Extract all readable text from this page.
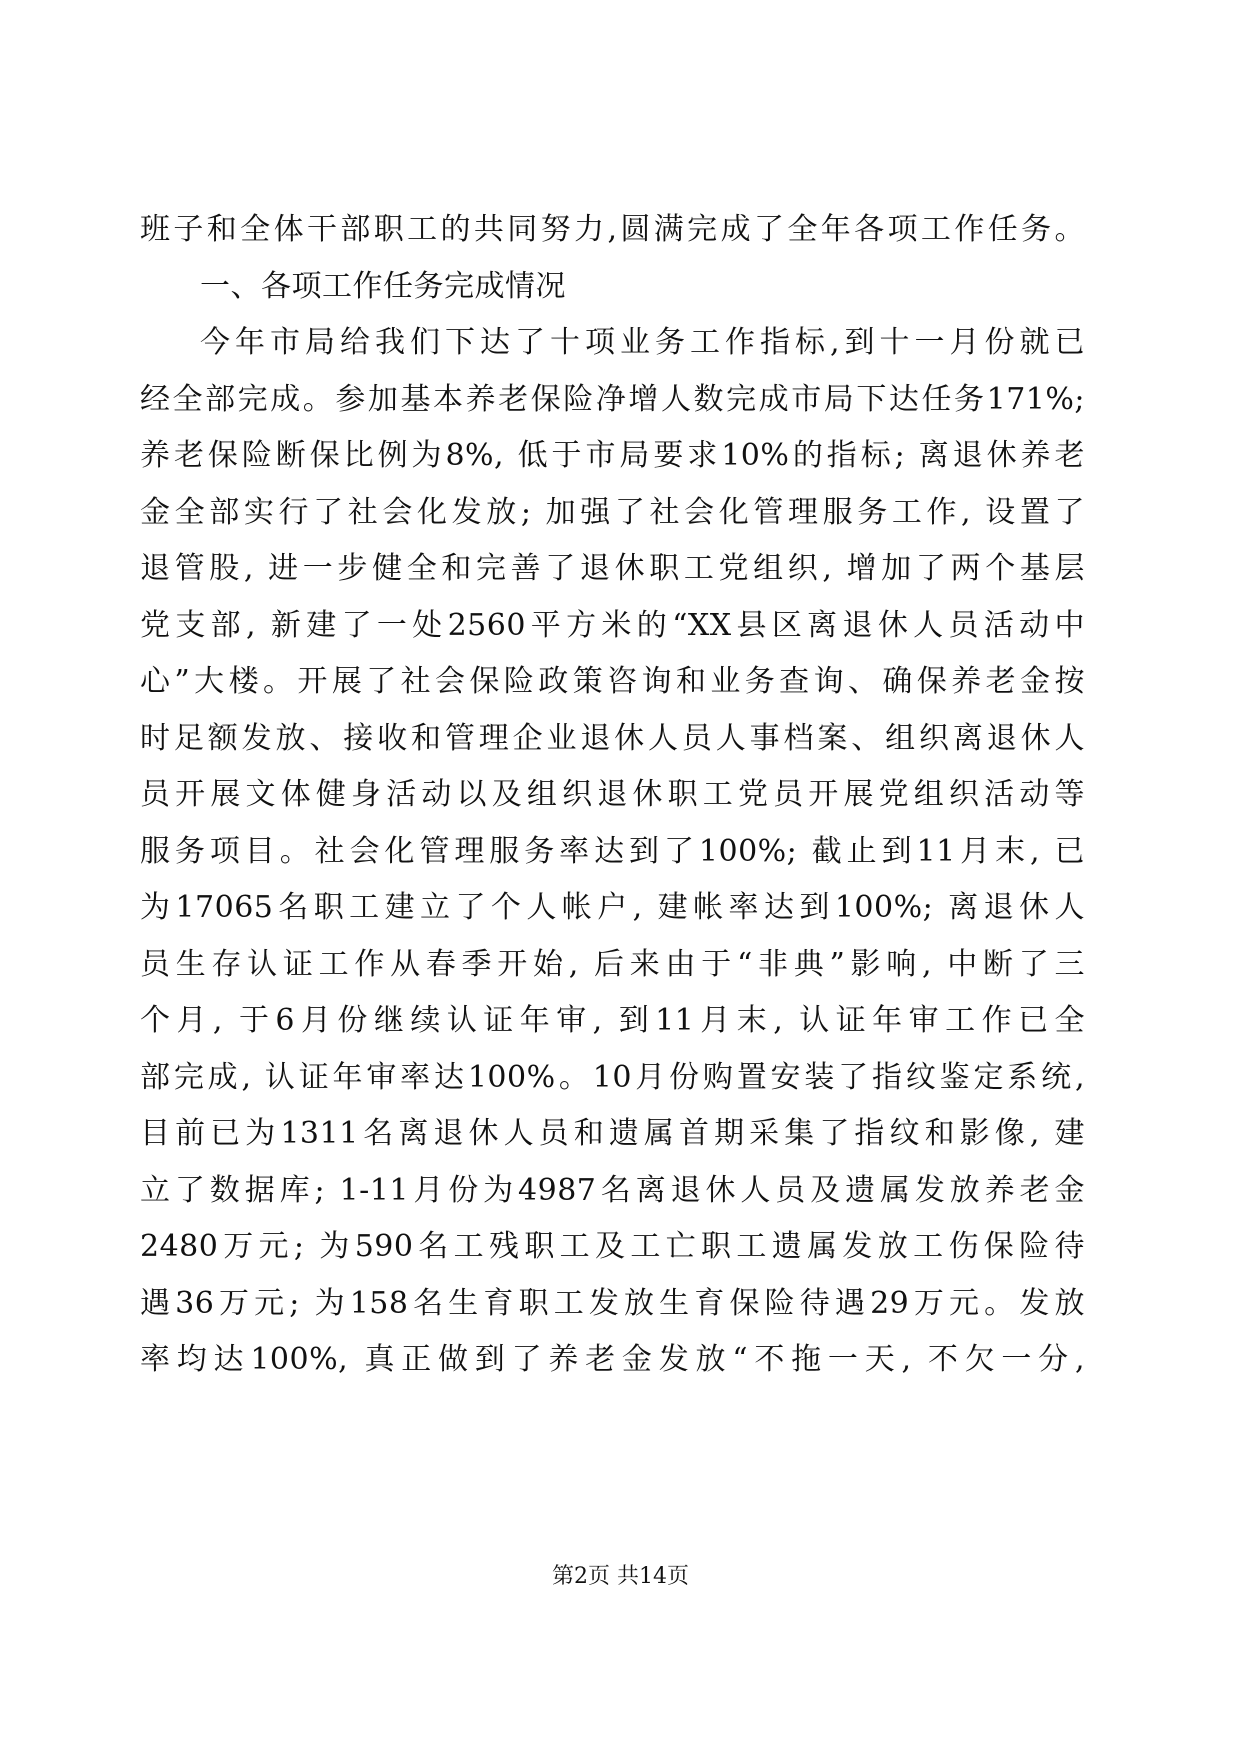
班子和全体干部职工的共同努力,圆满完成了全年各项工作任务。
一、各项工作任务完成情况
今年市局给我们下达了十项业务工作指标,到十一月份就已
经全部完成。参加基本养老保险净增人数完成市局下达任务171%;
养老保险断保比例为8%, 低于市局要求10%的指标; 离退休养老
金全部实行了社会化发放; 加强了社会化管理服务工作, 设置了
退管股, 进一步健全和完善了退休职工党组织, 增加了两个基层
党支部, 新建了一处2560平方米的“XX县区离退休人员活动中
心”大楼。开展了社会保险政策咨询和业务查询、确保养老金按
时足额发放、接收和管理企业退休人员人事档案、组织离退休人
员开展文体健身活动以及组织退休职工党员开展党组织活动等
服务项目。社会化管理服务率达到了100%; 截止到11月末, 已
为17065名职工建立了个人帐户, 建帐率达到100%; 离退休人
员生存认证工作从春季开始, 后来由于“非典”影响, 中断了三
个月, 于6月份继续认证年审, 到11月末, 认证年审工作已全
部完成, 认证年审率达100%。10月份购置安装了指纹鉴定系统,
目前已为1311名离退休人员和遗属首期采集了指纹和影像, 建
立了数据库; 1-11月份为4987名离退休人员及遗属发放养老金
2480万元; 为590名工残职工及工亡职工遗属发放工伤保险待
遇36万元; 为158名生育职工发放生育保险待遇29万元。发放
率均达100%, 真正做到了养老金发放“不拖一天, 不欠一分,
第2页 共14页
